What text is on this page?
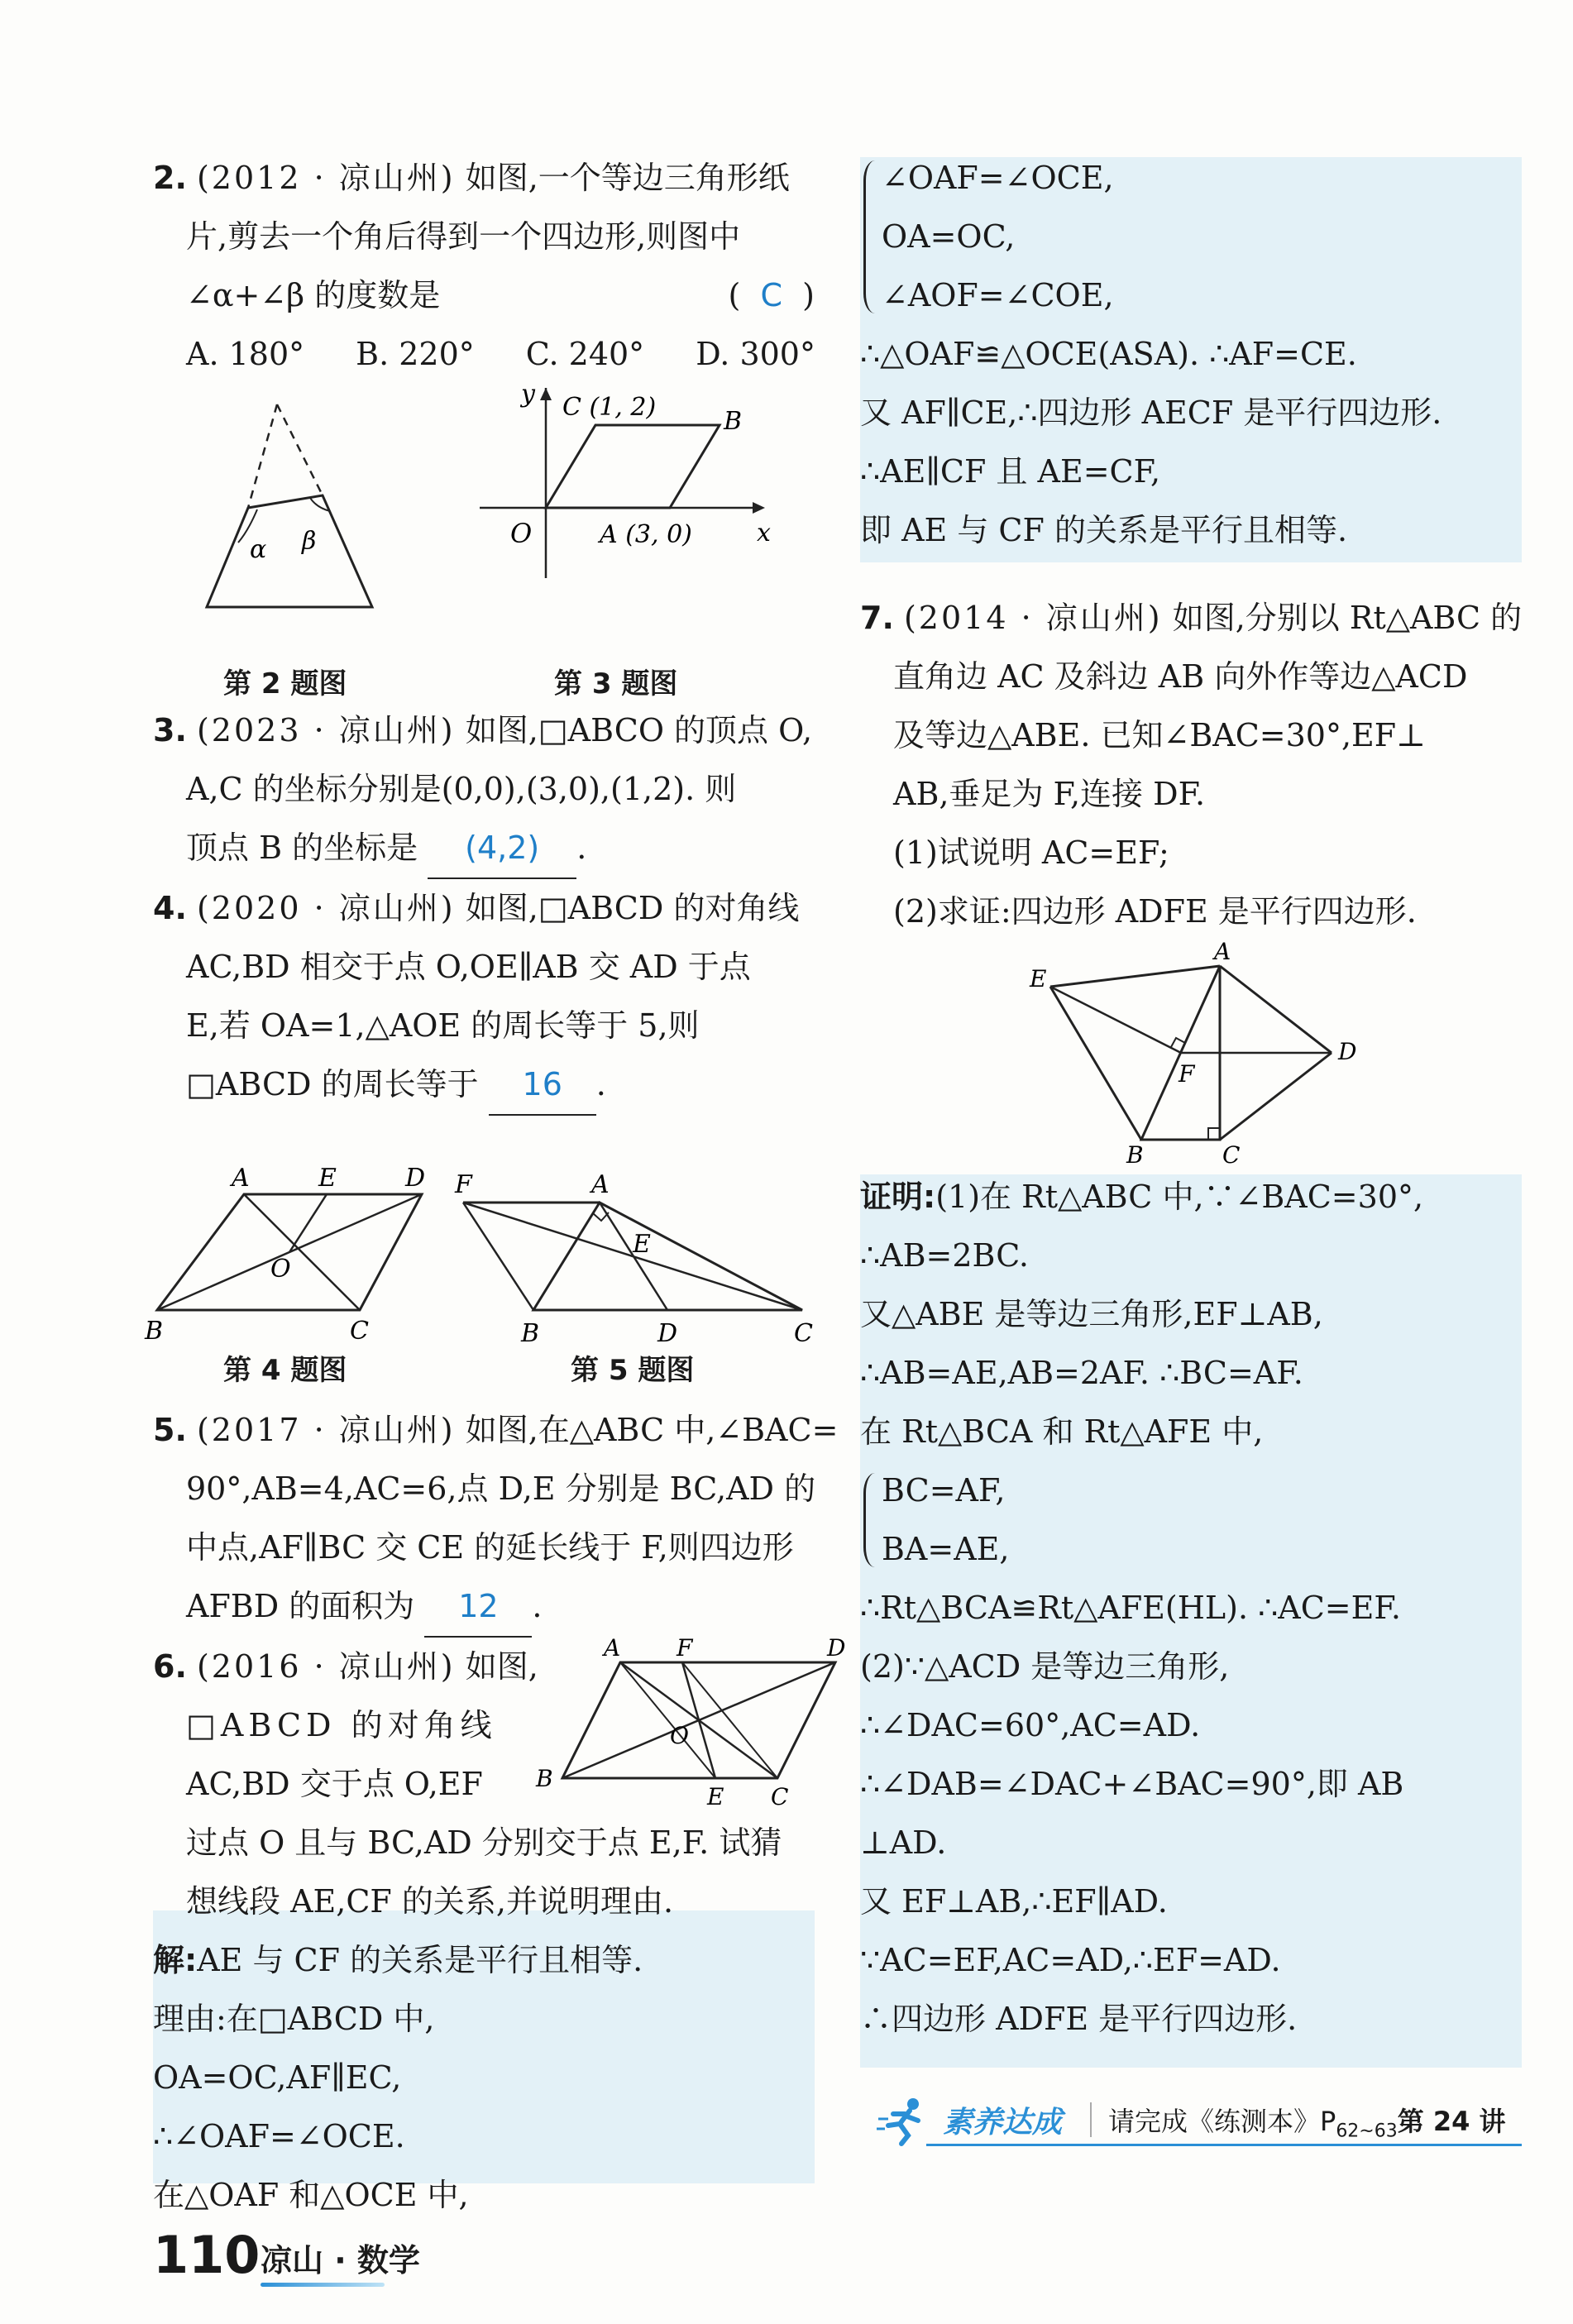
2. (2012 · 凉山州) 如图,一个等边三角形纸
片,剪去一个角后得到一个四边形,则图中
∠α+∠β 的度数是	( C )
A. 180° B. 220° C. 240° D. 300°
α β
y
x
O
C (1, 2)	B
A (3, 0)
第 2 题图	第 3 题图
3. (2023 · 凉山州) 如图,□ABCO 的顶点 O,
A,C 的坐标分别是(0,0),(3,0),(1,2). 则
顶点 B 的坐标是 (4,2) .
4. (2020 · 凉山州) 如图,□ABCD 的对角线
AC,BD 相交于点 O,OE∥AB 交 AD 于点
E,若 OA=1,△AOE 的周长等于 5,则
□ABCD 的周长等于 16 .
A	E	D
O
B	C
F	A
E
B	D	C
第 4 题图	第 5 题图
5. (2017 · 凉山州) 如图,在△ABC 中,∠BAC=
90°,AB=4,AC=6,点 D,E 分别是 BC,AD 的
中点,AF∥BC 交 CE 的延长线于 F,则四边形
AFBD 的面积为 12 .
6. (2016 · 凉山州) 如图,
□ABCD 的对角线
AC,BD 交于点 O,EF
过点 O 且与 BC,AD 分别交于点 E,F. 试猜
想线段 AE,CF 的关系,并说明理由.
A F	D
B
O
E C
解:AE 与 CF 的关系是平行且相等.
理由:在□ABCD 中,
OA=OC,AF∥EC,
∴∠OAF=∠OCE.
在△OAF 和△OCE 中,
∠OAF=∠OCE,
OA=OC,
∠AOF=∠COE,
∴△OAF≌△OCE(ASA). ∴AF=CE.
又 AF∥CE,∴四边形 AECF 是平行四边形.
∴AE∥CF 且 AE=CF,
即 AE 与 CF 的关系是平行且相等.
7. (2014 · 凉山州) 如图,分别以 Rt△ABC 的
直角边 AC 及斜边 AB 向外作等边△ACD
及等边△ABE. 已知∠BAC=30°,EF⊥
AB,垂足为 F,连接 DF.
(1)试说明 AC=EF;
(2)求证:四边形 ADFE 是平行四边形.
E
A
F
D
B	C
证明:(1)在 Rt△ABC 中,∵∠BAC=30°,
∴AB=2BC.
又△ABE 是等边三角形,EF⊥AB,
∴AB=AE,AB=2AF. ∴BC=AF.
在 Rt△BCA 和 Rt△AFE 中,
BC=AF,
BA=AE,
∴Rt△BCA≌Rt△AFE(HL). ∴AC=EF.
(2)∵△ACD 是等边三角形,
∴∠DAC=60°,AC=AD.
∴∠DAB=∠DAC+∠BAC=90°,即 AB
⊥AD.
又 EF⊥AB,∴EF∥AD.
∵AC=EF,AC=AD,∴EF=AD.
∴四边形 ADFE 是平行四边形.
素养达成 请完成《练测本》$P_{62\sim 63}$第 24 讲
110 凉山 · 数学
